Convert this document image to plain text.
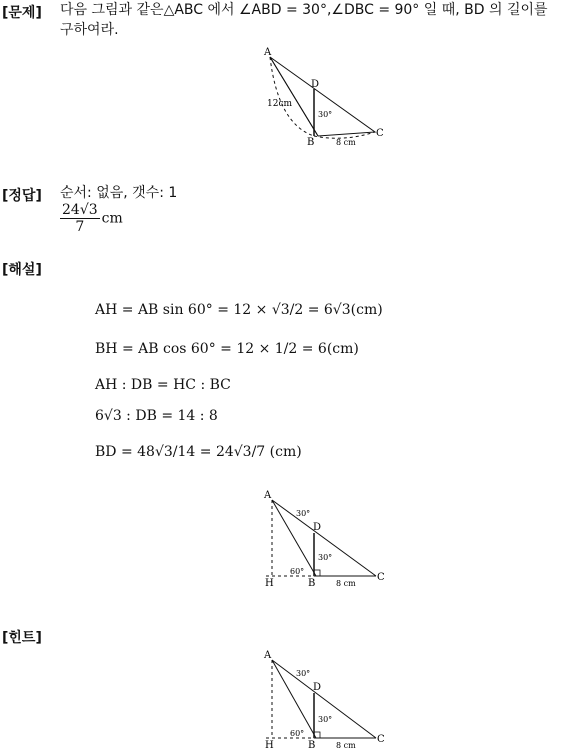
[문제] 다음 그림과 같은△ABC 에서 ∠ABD = 30°,∠DBC = 90° 일 때, BD 의 길이를
구하여라.
A
D
B
C
12cm
8 cm
30°
[정답] 순서: 없음, 갯수: 1
$\frac{24√3}{7}$ cm
[해설]
AH = AB sin 60° = 12 × √3/2 = 6√3(cm)
BH = AB cos 60° = 12 × 1/2 = 6(cm)
AH : DB = HC : BC
6√3 : DB = 14 : 8
BD = 48√3/14 = 24√3/7 (cm)
A
D
B
C
H
30°
30°
60°
8 cm
[힌트]
A
D
B
C
H
30°
30°
60°
8 cm
